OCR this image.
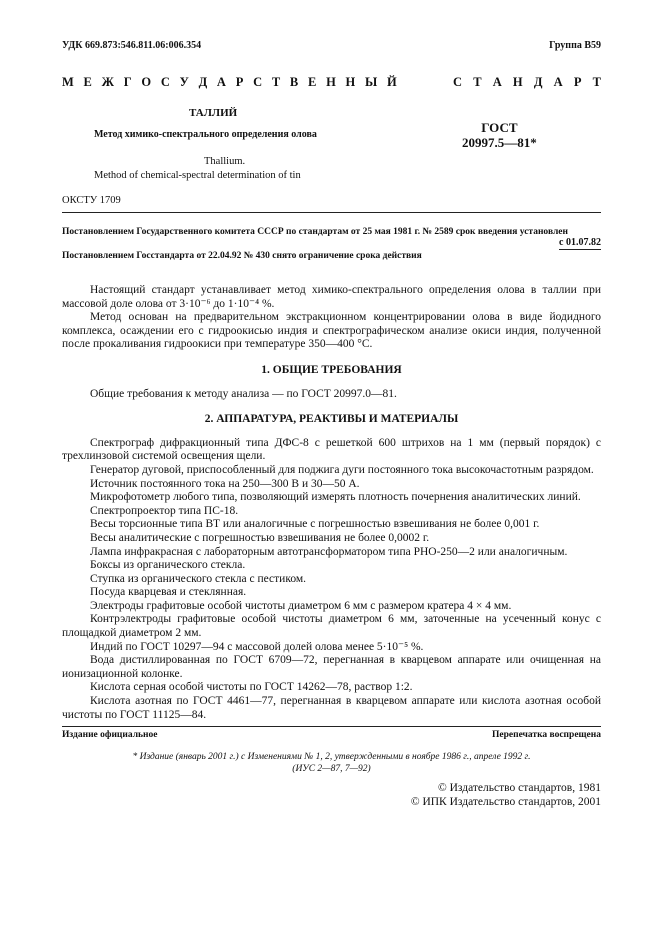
УДК 669.873:546.811.06:006.354	Группа В59
М Е Ж Г О С У Д А Р С Т В Е Н Н Ы Й	С Т А Н Д А Р Т
ТАЛЛИЙ
Метод химико-спектрального определения олова
Thallium.
Method of chemical-spectral determination of tin
ГОСТ
20997.5—81*
ОКСТУ 1709
Постановлением Государственного комитета СССР по стандартам от 25 мая 1981 г. № 2589 срок введения установлен
с 01.07.82
Постановлением Госстандарта от 22.04.92 № 430 снято ограничение срока действия

Настоящий стандарт устанавливает метод химико-спектрального определения олова в таллии при массовой доле олова от 3·10⁻⁶ до 1·10⁻⁴ %.

Метод основан на предварительном экстракционном концентрировании олова в виде йодидного комплекса, осаждении его с гидроокисью индия и спектрографическом анализе окиси индия, полученной после прокаливания гидроокиси при температуре 350—400 °С.

1. ОБЩИЕ ТРЕБОВАНИЯ

Общие требования к методу анализа — по ГОСТ 20997.0—81.

2. АППАРАТУРА, РЕАКТИВЫ И МАТЕРИАЛЫ

Спектрограф дифракционный типа ДФС-8 с решеткой 600 штрихов на 1 мм (первый порядок) с трехлинзовой системой освещения щели.

Генератор дуговой, приспособленный для поджига дуги постоянного тока высокочастотным разрядом.

Источник постоянного тока на 250—300 В и 30—50 А.

Микрофотометр любого типа, позволяющий измерять плотность почернения аналитических линий.

Спектропроектор типа ПС-18.

Весы торсионные типа ВТ или аналогичные с погрешностью взвешивания не более 0,001 г.

Весы аналитические с погрешностью взвешивания не более 0,0002 г.

Лампа инфракрасная с лабораторным автотрансформатором типа РНО-250—2 или аналогичным.

Боксы из органического стекла.

Ступка из органического стекла с пестиком.

Посуда кварцевая и стеклянная.

Электроды графитовые особой чистоты диаметром 6 мм с размером кратера 4 × 4 мм.

Контрэлектроды графитовые особой чистоты диаметром 6 мм, заточенные на усеченный конус с площадкой диаметром 2 мм.

Индий по ГОСТ 10297—94 с массовой долей олова менее 5·10⁻⁵ %.

Вода дистиллированная по ГОСТ 6709—72, перегнанная в кварцевом аппарате или очищенная на ионизационной колонке.

Кислота серная особой чистоты по ГОСТ 14262—78, раствор 1:2.

Кислота азотная по ГОСТ 4461—77, перегнанная в кварцевом аппарате или кислота азотная особой чистоты по ГОСТ 11125—84.

Издание официальное	Перепечатка воспрещена
* Издание (январь 2001 г.) с Изменениями № 1, 2, утвержденными в ноябре 1986 г., апреле 1992 г.
(ИУС 2—87, 7—92)
© Издательство стандартов, 1981
© ИПК Издательство стандартов, 2001
